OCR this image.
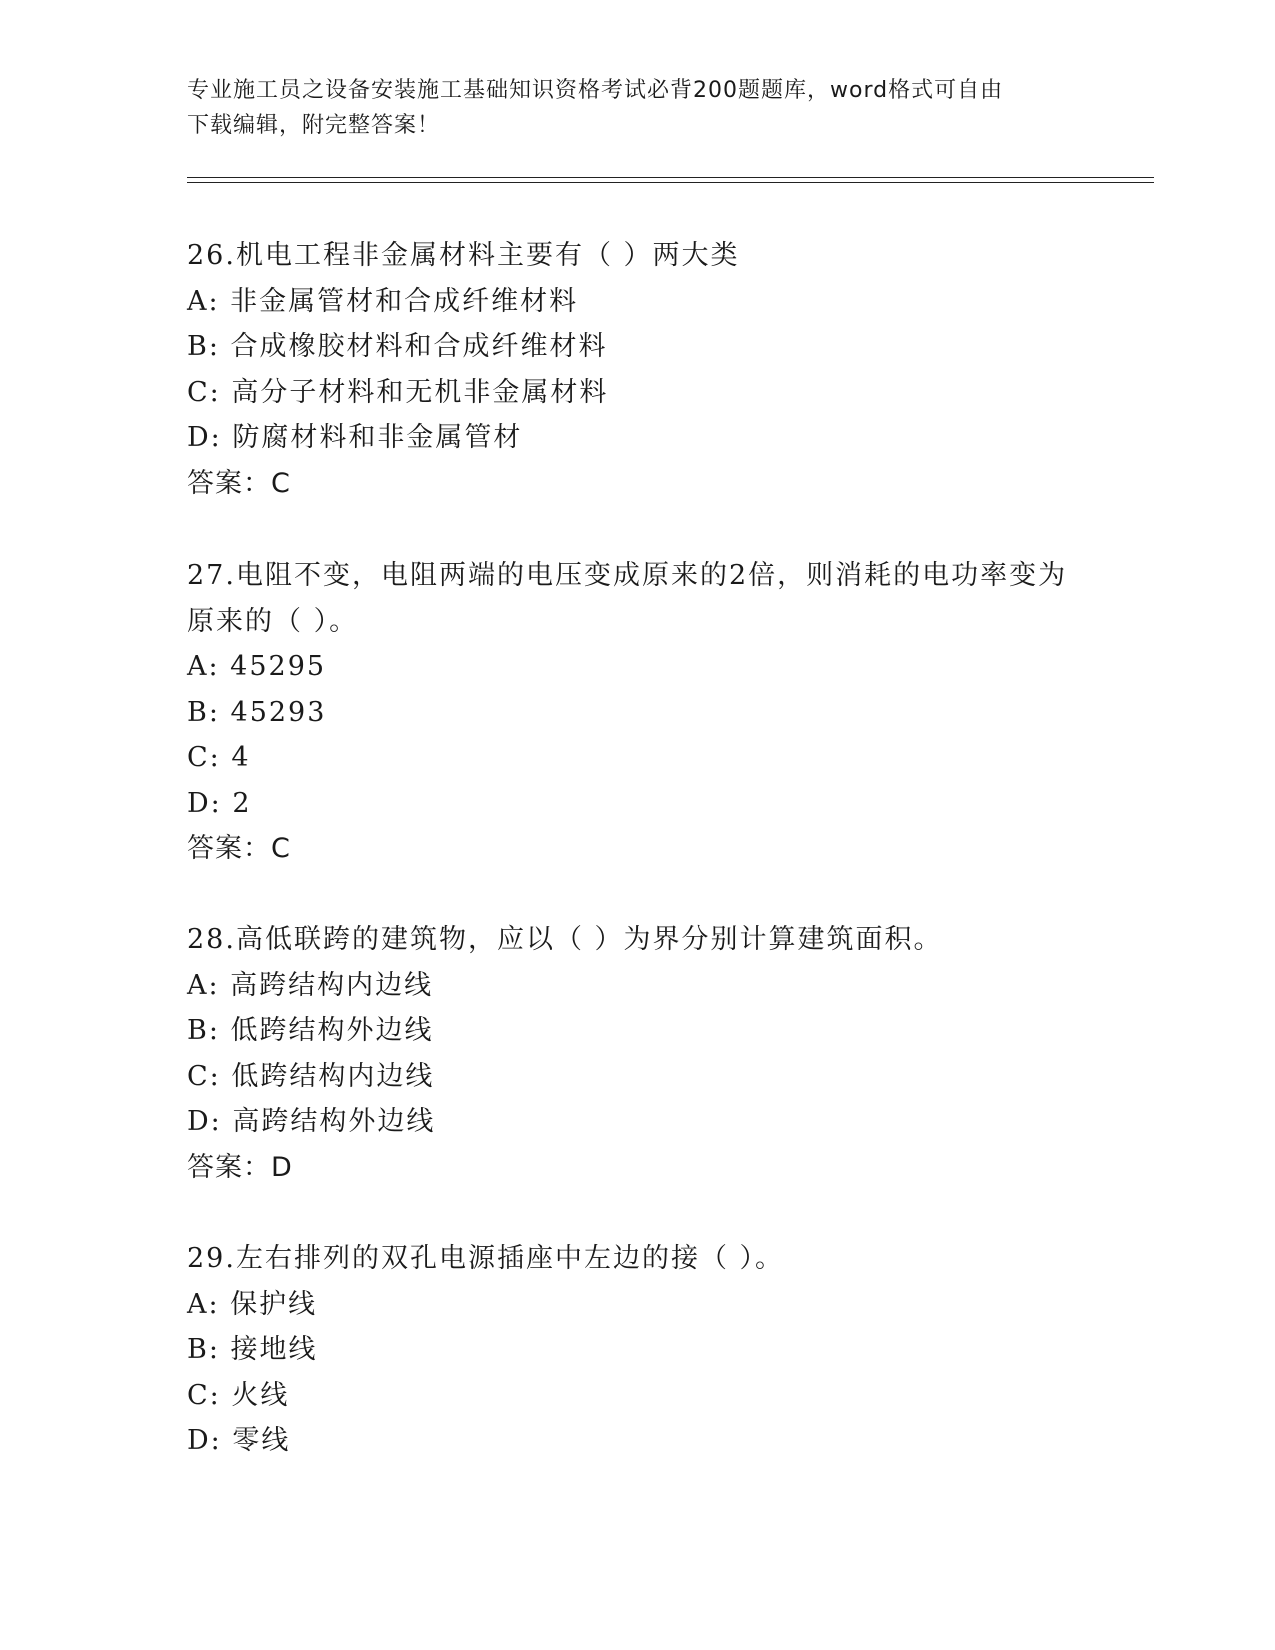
专业施工员之设备安装施工基础知识资格考试必背200题题库，word格式可自由
下载编辑，附完整答案！
26.机电工程非金属材料主要有（ ）两大类
A: 非金属管材和合成纤维材料
B: 合成橡胶材料和合成纤维材料
C: 高分子材料和无机非金属材料
D: 防腐材料和非金属管材
答案：C
27.电阻不变，电阻两端的电压变成原来的2倍，则消耗的电功率变为
原来的（ ）。
A: 45295
B: 45293
C: 4
D: 2
答案：C
28.高低联跨的建筑物，应以（ ）为界分别计算建筑面积。
A: 高跨结构内边线
B: 低跨结构外边线
C: 低跨结构内边线
D: 高跨结构外边线
答案：D
29.左右排列的双孔电源插座中左边的接（ ）。
A: 保护线
B: 接地线
C: 火线
D: 零线
